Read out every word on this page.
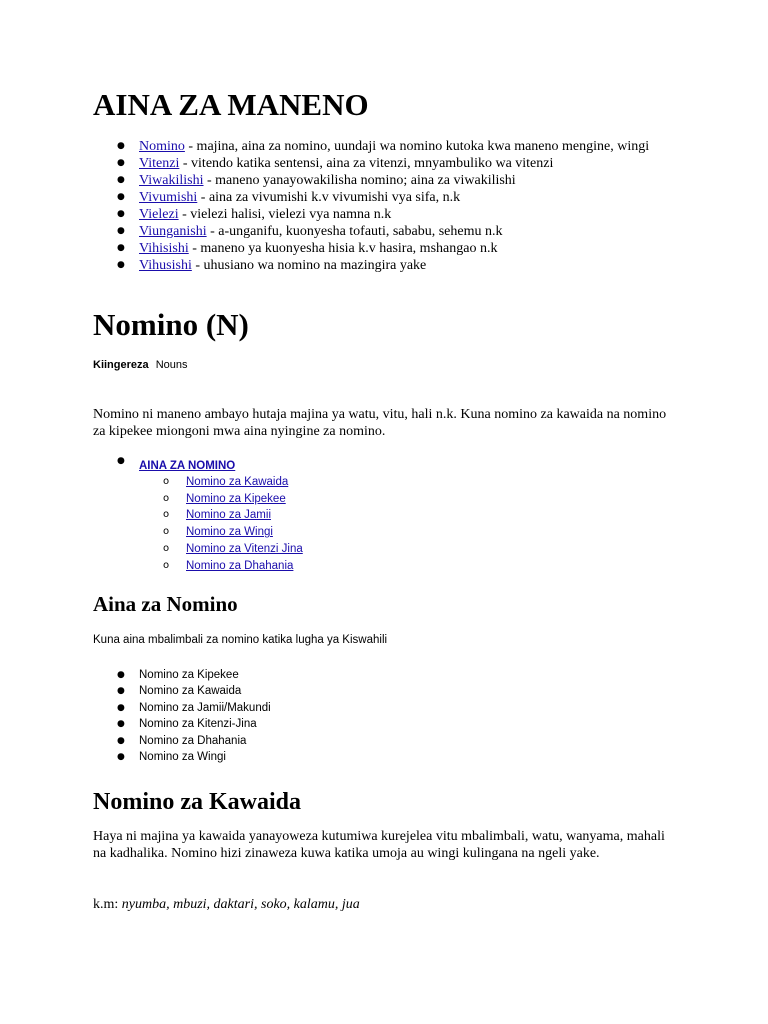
AINA ZA MANENO
● Nomino - majina, aina za nomino, uundaji wa nomino kutoka kwa maneno mengine, wingi
● Vitenzi - vitendo katika sentensi, aina za vitenzi, mnyambuliko wa vitenzi
● Viwakilishi - maneno yanayowakilisha nomino; aina za viwakilishi
● Vivumishi - aina za vivumishi k.v vivumishi vya sifa, n.k
● Vielezi - vielezi halisi, vielezi vya namna n.k
● Viunganishi - a-unganifu, kuonyesha tofauti, sababu, sehemu n.k
● Vihisishi - maneno ya kuonyesha hisia k.v hasira, mshangao n.k
● Vihusishi - uhusiano wa nomino na mazingira yake
Nomino (N)
Kiingereza Nouns

Nomino ni maneno ambayo hutaja majina ya watu, vitu, hali n.k. Kuna nomino za kawaida na nomino za kipekee miongoni mwa aina nyingine za nomino.

● AINA ZA NOMINO
o Nomino za Kawaida
o Nomino za Kipekee
o Nomino za Jamii
o Nomino za Wingi
o Nomino za Vitenzi Jina
o Nomino za Dhahania
Aina za Nomino

Kuna aina mbalimbali za nomino katika lugha ya Kiswahili

● Nomino za Kipekee
● Nomino za Kawaida
● Nomino za Jamii/Makundi
● Nomino za Kitenzi-Jina
● Nomino za Dhahania
● Nomino za Wingi
Nomino za Kawaida

Haya ni majina ya kawaida yanayoweza kutumiwa kurejelea vitu mbalimbali, watu, wanyama, mahali na kadhalika. Nomino hizi zinaweza kuwa katika umoja au wingi kulingana na ngeli yake.

k.m: nyumba, mbuzi, daktari, soko, kalamu, jua
